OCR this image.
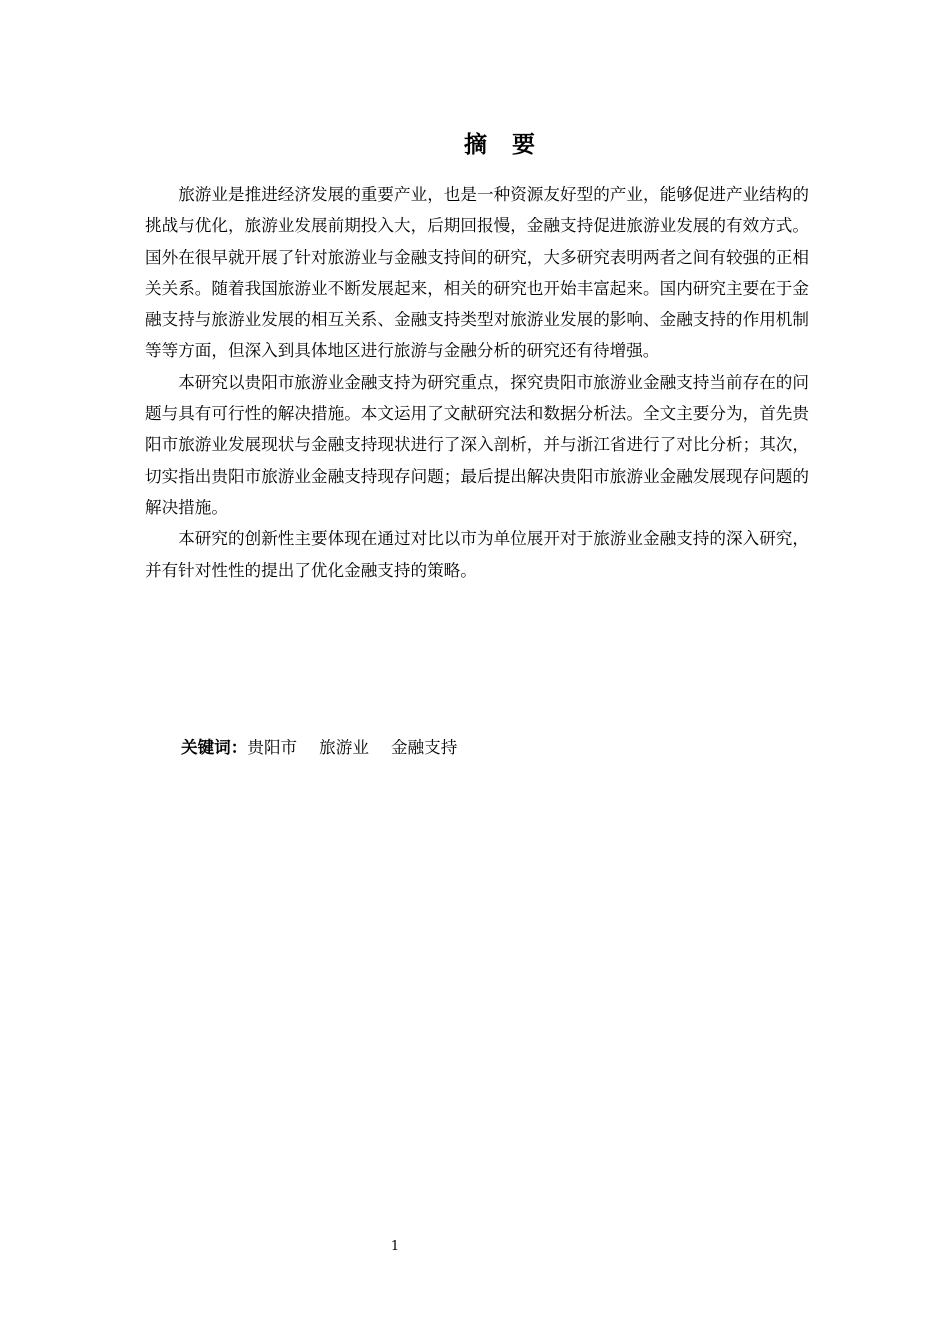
摘 要

旅游业是推进经济发展的重要产业，也是一种资源友好型的产业，能够促进产业结构的挑战与优化，旅游业发展前期投入大，后期回报慢，金融支持促进旅游业发展的有效方式。国外在很早就开展了针对旅游业与金融支持间的研究，大多研究表明两者之间有较强的正相关关系。随着我国旅游业不断发展起来，相关的研究也开始丰富起来。国内研究主要在于金融支持与旅游业发展的相互关系、金融支持类型对旅游业发展的影响、金融支持的作用机制等等方面，但深入到具体地区进行旅游与金融分析的研究还有待增强。

本研究以贵阳市旅游业金融支持为研究重点，探究贵阳市旅游业金融支持当前存在的问题与具有可行性的解决措施。本文运用了文献研究法和数据分析法。全文主要分为，首先贵阳市旅游业发展现状与金融支持现状进行了深入剖析，并与浙江省进行了对比分析；其次，切实指出贵阳市旅游业金融支持现存问题；最后提出解决贵阳市旅游业金融发展现存问题的解决措施。

本研究的创新性主要体现在通过对比以市为单位展开对于旅游业金融支持的深入研究，并有针对性性的提出了优化金融支持的策略。

关键词：贵阳市 旅游业 金融支持

1
